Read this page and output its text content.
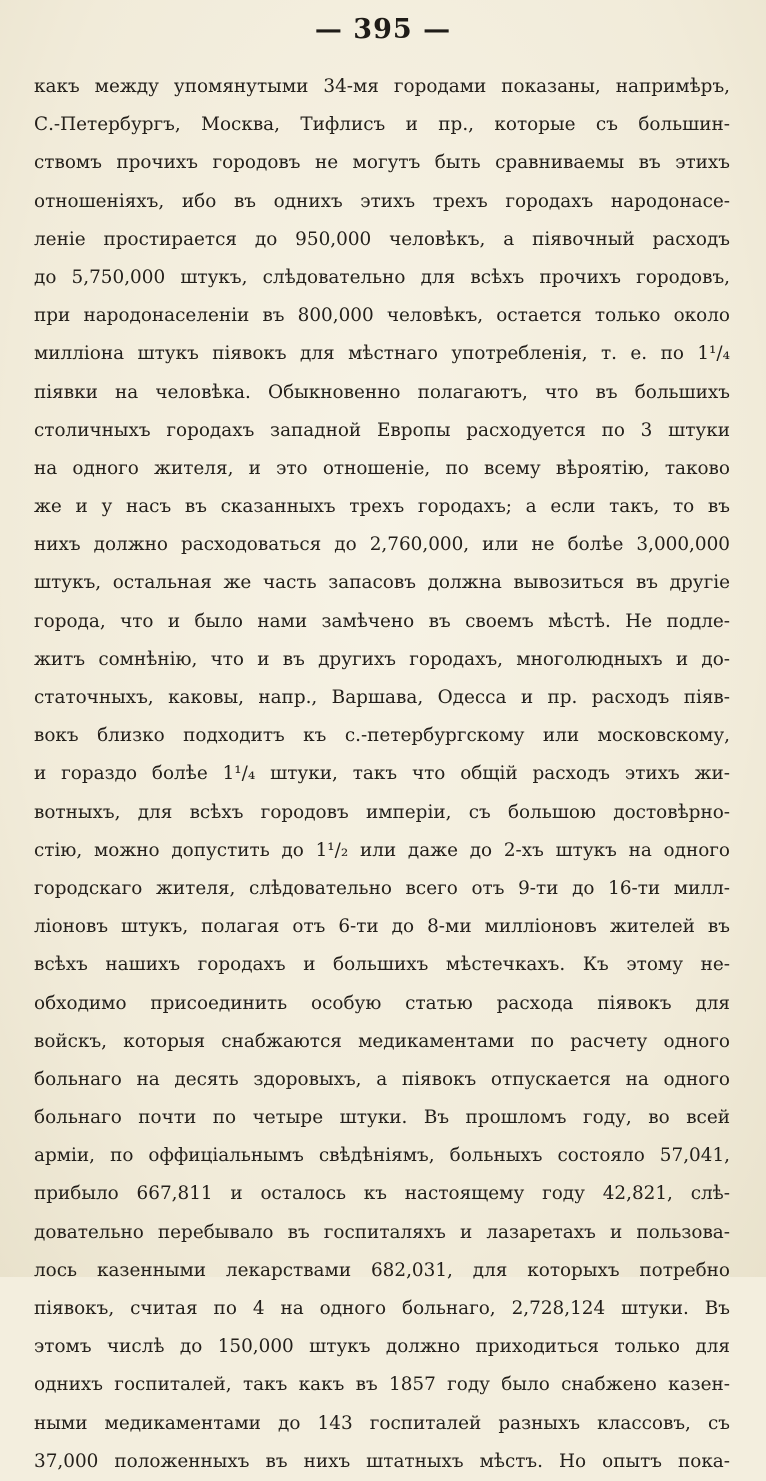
— 395 —
какъ между упомянутыми 34-мя городами показаны, напримѣръ,
С.-Петербургъ, Москва, Тифлисъ и пр., которые съ большин-
ствомъ прочихъ городовъ не могутъ быть сравниваемы въ этихъ
отношеніяхъ, ибо въ однихъ этихъ трехъ городахъ народонасе-
леніе простирается до 950,000 человѣкъ, а піявочный расходъ
до 5,750,000 штукъ, слѣдовательно для всѣхъ прочихъ городовъ,
при народонаселеніи въ 800,000 человѣкъ, остается только около
милліона штукъ піявокъ для мѣстнаго употребленія, т. е. по 1¹/₄
піявки на человѣка. Обыкновенно полагаютъ, что въ большихъ
столичныхъ городахъ западной Европы расходуется по 3 штуки
на одного жителя, и это отношеніе, по всему вѣроятію, таково
же и у насъ въ сказанныхъ трехъ городахъ; а если такъ, то въ
нихъ должно расходоваться до 2,760,000, или не болѣе 3,000,000
штукъ, остальная же часть запасовъ должна вывозиться въ другіе
города, что и было нами замѣчено въ своемъ мѣстѣ. Не подле-
житъ сомнѣнію, что и въ другихъ городахъ, многолюдныхъ и до-
статочныхъ, каковы, напр., Варшава, Одесса и пр. расходъ піяв-
вокъ близко подходитъ къ с.-петербургскому или московскому,
и гораздо болѣе 1¹/₄ штуки, такъ что общій расходъ этихъ жи-
вотныхъ, для всѣхъ городовъ имперіи, съ большою достовѣрно-
стію, можно допустить до 1¹/₂ или даже до 2-хъ штукъ на одного
городскаго жителя, слѣдовательно всего отъ 9-ти до 16-ти милл-
ліоновъ штукъ, полагая отъ 6-ти до 8-ми милліоновъ жителей въ
всѣхъ нашихъ городахъ и большихъ мѣстечкахъ. Къ этому не-
обходимо присоединить особую статью расхода піявокъ для
войскъ, которыя снабжаются медикаментами по расчету одного
больнаго на десять здоровыхъ, а піявокъ отпускается на одного
больнаго почти по четыре штуки. Въ прошломъ году, во всей
арміи, по оффиціальнымъ свѣдѣніямъ, больныхъ состояло 57,041,
прибыло 667,811 и осталось къ настоящему году 42,821, слѣ-
довательно перебывало въ госпиталяхъ и лазаретахъ и пользова-
лось казенными лекарствами 682,031, для которыхъ потребно
піявокъ, считая по 4 на одного больнаго, 2,728,124 штуки. Въ
этомъ числѣ до 150,000 штукъ должно приходиться только для
однихъ госпиталей, такъ какъ въ 1857 году было снабжено казен-
ными медикаментами до 143 госпиталей разныхъ классовъ, съ
37,000 положенныхъ въ нихъ штатныхъ мѣстъ. Но опытъ пока-
